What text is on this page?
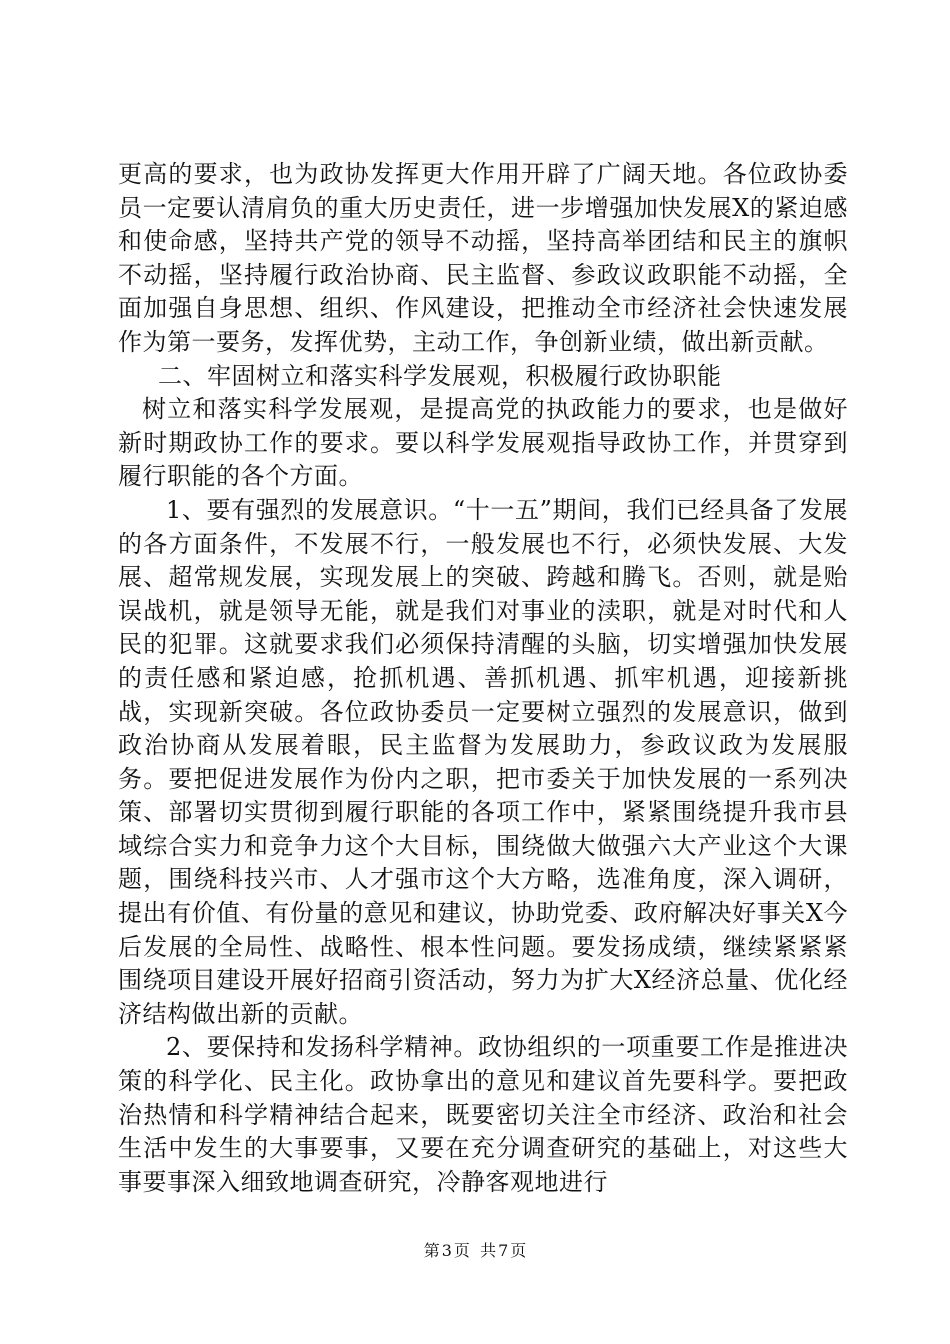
更高的要求，也为政协发挥更大作用开辟了广阔天地。各位政协委员一定要认清肩负的重大历史责任，进一步增强加快发展X的紧迫感和使命感，坚持共产党的领导不动摇，坚持高举团结和民主的旗帜不动摇，坚持履行政治协商、民主监督、参政议政职能不动摇，全面加强自身思想、组织、作风建设，把推动全市经济社会快速发展作为第一要务，发挥优势，主动工作，争创新业绩，做出新贡献。

二、牢固树立和落实科学发展观，积极履行政协职能

树立和落实科学发展观，是提高党的执政能力的要求，也是做好新时期政协工作的要求。要以科学发展观指导政协工作，并贯穿到履行职能的各个方面。

1、要有强烈的发展意识。“十一五”期间，我们已经具备了发展的各方面条件，不发展不行，一般发展也不行，必须快发展、大发展、超常规发展，实现发展上的突破、跨越和腾飞。否则，就是贻误战机，就是领导无能，就是我们对事业的渎职，就是对时代和人民的犯罪。这就要求我们必须保持清醒的头脑，切实增强加快发展的责任感和紧迫感，抢抓机遇、善抓机遇、抓牢机遇，迎接新挑战，实现新突破。各位政协委员一定要树立强烈的发展意识，做到政治协商从发展着眼，民主监督为发展助力，参政议政为发展服务。要把促进发展作为份内之职，把市委关于加快发展的一系列决策、部署切实贯彻到履行职能的各项工作中，紧紧围绕提升我市县域综合实力和竞争力这个大目标，围绕做大做强六大产业这个大课题，围绕科技兴市、人才强市这个大方略，选准角度，深入调研，提出有价值、有份量的意见和建议，协助党委、政府解决好事关X今后发展的全局性、战略性、根本性问题。要发扬成绩，继续紧紧紧围绕项目建设开展好招商引资活动，努力为扩大X经济总量、优化经济结构做出新的贡献。

2、要保持和发扬科学精神。政协组织的一项重要工作是推进决策的科学化、民主化。政协拿出的意见和建议首先要科学。要把政治热情和科学精神结合起来，既要密切关注全市经济、政治和社会生活中发生的大事要事，又要在充分调查研究的基础上，对这些大事要事深入细致地调查研究，冷静客观地进行

第 3 页  共 7 页
